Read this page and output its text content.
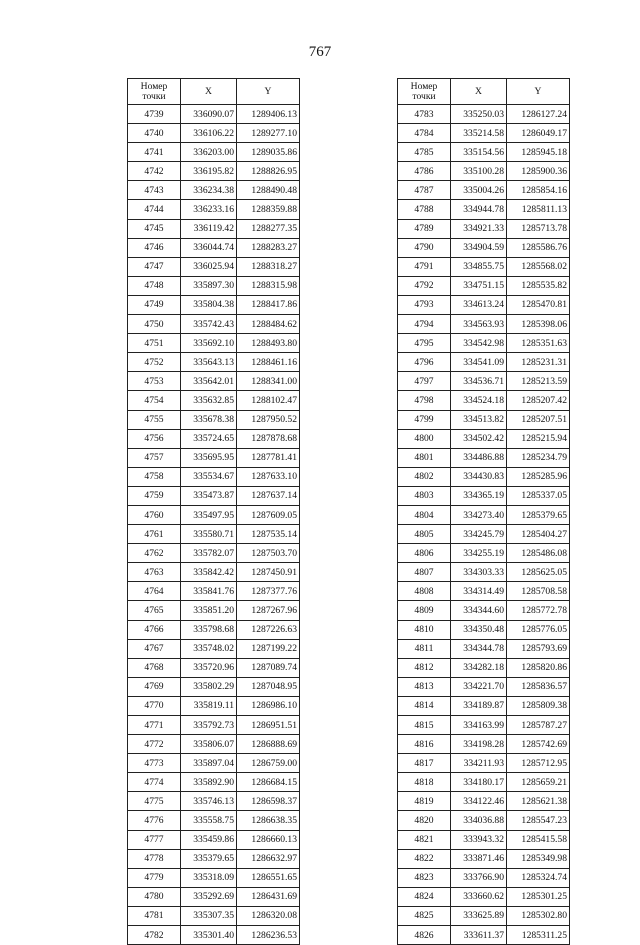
767
Номер
точки	X	Y
4739	336090.07	1289406.13
4740	336106.22	1289277.10
4741	336203.00	1289035.86
4742	336195.82	1288826.95
4743	336234.38	1288490.48
4744	336233.16	1288359.88
4745	336119.42	1288277.35
4746	336044.74	1288283.27
4747	336025.94	1288318.27
4748	335897.30	1288315.98
4749	335804.38	1288417.86
4750	335742.43	1288484.62
4751	335692.10	1288493.80
4752	335643.13	1288461.16
4753	335642.01	1288341.00
4754	335632.85	1288102.47
4755	335678.38	1287950.52
4756	335724.65	1287878.68
4757	335695.95	1287781.41
4758	335534.67	1287633.10
4759	335473.87	1287637.14
4760	335497.95	1287609.05
4761	335580.71	1287535.14
4762	335782.07	1287503.70
4763	335842.42	1287450.91
4764	335841.76	1287377.76
4765	335851.20	1287267.96
4766	335798.68	1287226.63
4767	335748.02	1287199.22
4768	335720.96	1287089.74
4769	335802.29	1287048.95
4770	335819.11	1286986.10
4771	335792.73	1286951.51
4772	335806.07	1286888.69
4773	335897.04	1286759.00
4774	335892.90	1286684.15
4775	335746.13	1286598.37
4776	335558.75	1286638.35
4777	335459.86	1286660.13
4778	335379.65	1286632.97
4779	335318.09	1286551.65
4780	335292.69	1286431.69
4781	335307.35	1286320.08
4782	335301.40	1286236.53
Номер
точки	X	Y
4783	335250.03	1286127.24
4784	335214.58	1286049.17
4785	335154.56	1285945.18
4786	335100.28	1285900.36
4787	335004.26	1285854.16
4788	334944.78	1285811.13
4789	334921.33	1285713.78
4790	334904.59	1285586.76
4791	334855.75	1285568.02
4792	334751.15	1285535.82
4793	334613.24	1285470.81
4794	334563.93	1285398.06
4795	334542.98	1285351.63
4796	334541.09	1285231.31
4797	334536.71	1285213.59
4798	334524.18	1285207.42
4799	334513.82	1285207.51
4800	334502.42	1285215.94
4801	334486.88	1285234.79
4802	334430.83	1285285.96
4803	334365.19	1285337.05
4804	334273.40	1285379.65
4805	334245.79	1285404.27
4806	334255.19	1285486.08
4807	334303.33	1285625.05
4808	334314.49	1285708.58
4809	334344.60	1285772.78
4810	334350.48	1285776.05
4811	334344.78	1285793.69
4812	334282.18	1285820.86
4813	334221.70	1285836.57
4814	334189.87	1285809.38
4815	334163.99	1285787.27
4816	334198.28	1285742.69
4817	334211.93	1285712.95
4818	334180.17	1285659.21
4819	334122.46	1285621.38
4820	334036.88	1285547.23
4821	333943.32	1285415.58
4822	333871.46	1285349.98
4823	333766.90	1285324.74
4824	333660.62	1285301.25
4825	333625.89	1285302.80
4826	333611.37	1285311.25
